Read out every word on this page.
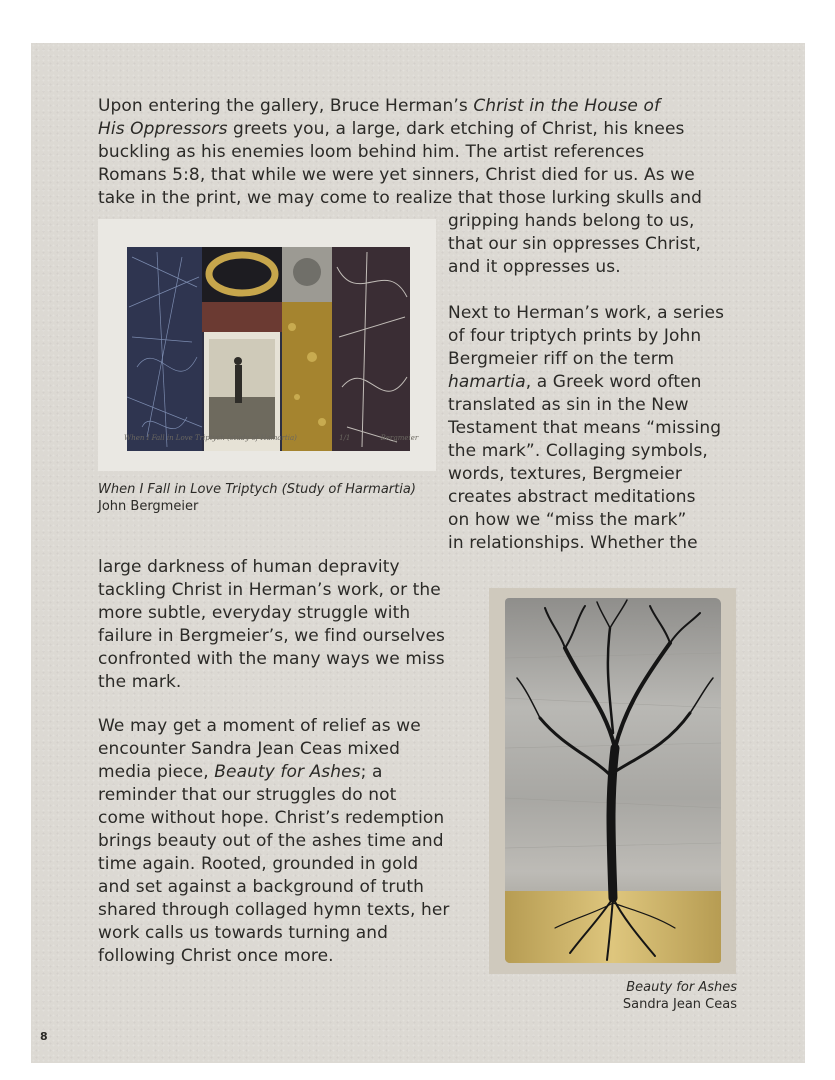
Upon entering the gallery, Bruce Herman’s Christ in the House of
His Oppressors greets you, a large, dark etching of Christ, his knees
buckling as his enemies loom behind him. The artist references
Romans 5:8, that while we were yet sinners, Christ died for us. As we
take in the print, we may come to realize that those lurking skulls and
gripping hands belong to us,
that our sin oppresses Christ,
and it oppresses us.
Next to Herman’s work, a series
of four triptych prints by John
Bergmeier riff on the term
hamartia, a Greek word often
translated as sin in the New
Testament that means “missing
the mark”. Collaging symbols,
words, textures, Bergmeier
creates abstract meditations
on how we “miss the mark”
in relationships. Whether the
large darkness of human depravity
tackling Christ in Herman’s work, or the
more subtle, everyday struggle with
failure in Bergmeier’s, we find ourselves
confronted with the many ways we miss
the mark.
We may get a moment of relief as we
encounter Sandra Jean Ceas mixed
media piece, Beauty for Ashes; a
reminder that our struggles do not
come without hope. Christ’s redemption
brings beauty out of the ashes time and
time again. Rooted, grounded in gold
and set against a background of truth
shared through collaged hymn texts, her
work calls us towards turning and
following Christ once more.
When I Fall in Love Triptych (study of Hamartia)	1/1	Bergmeier
When I Fall in Love Triptych (Study of Harmartia)
John Bergmeier
Beauty for Ashes
Sandra Jean Ceas
8
